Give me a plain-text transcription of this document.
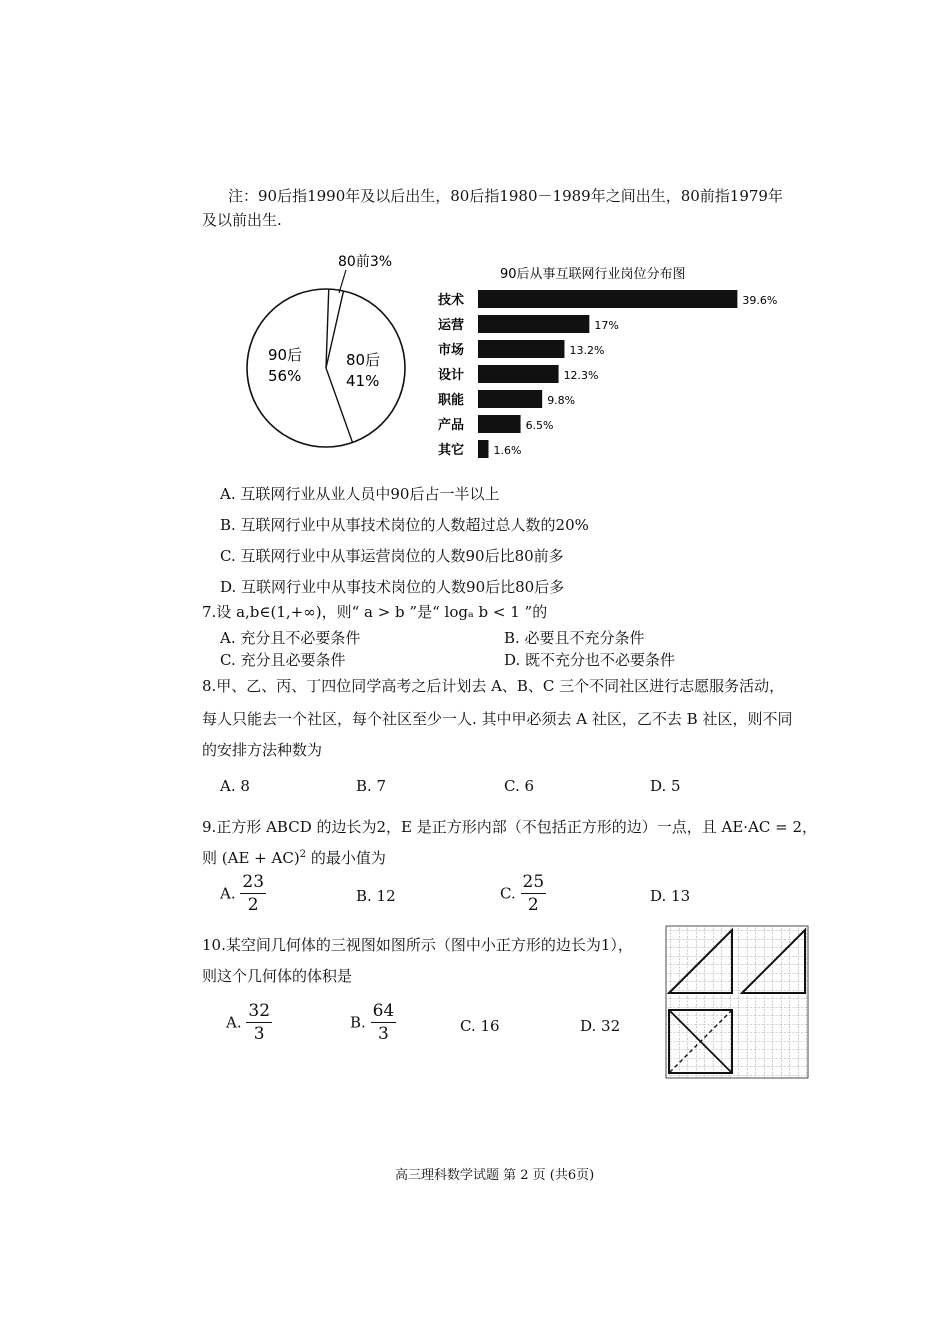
注：90后指1990年及以后出生，80后指1980－1989年之间出生，80前指1979年
及以前出生.
80前3%
90后
56%
80后
41%
90后从事互联网行业岗位分布图
技术	39.6%
运营	17%
市场	13.2%
设计	12.3%
职能	9.8%
产品	6.5%
其它	1.6%
A. 互联网行业从业人员中90后占一半以上
B. 互联网行业中从事技术岗位的人数超过总人数的20%
C. 互联网行业中从事运营岗位的人数90后比80前多
D. 互联网行业中从事技术岗位的人数90后比80后多
7.设 a,b∈(1,+∞)，则“ a > b ”是“ logₐ b < 1 ”的
A. 充分且不必要条件	B. 必要且不充分条件
C. 充分且必要条件	D. 既不充分也不必要条件
8.甲、乙、丙、丁四位同学高考之后计划去 A、B、C 三个不同社区进行志愿服务活动，
每人只能去一个社区，每个社区至少一人. 其中甲必须去 A 社区，乙不去 B 社区，则不同
的安排方法种数为
A. 8	B. 7	C. 6	D. 5
9.正方形 ABCD 的边长为2，E 是正方形内部（不包括正方形的边）一点，且 AE·AC = 2，
则 (AE + AC)$^2$ 的最小值为
A. $\frac{23}{2}$	B. 12	C. $\frac{25}{2}$	D. 13
10.某空间几何体的三视图如图所示（图中小正方形的边长为1），
则这个几何体的体积是
A. $\frac{32}{3}$	B. $\frac{64}{3}$	C. 16	D. 32
高三理科数学试题 第 2 页 (共6页)
